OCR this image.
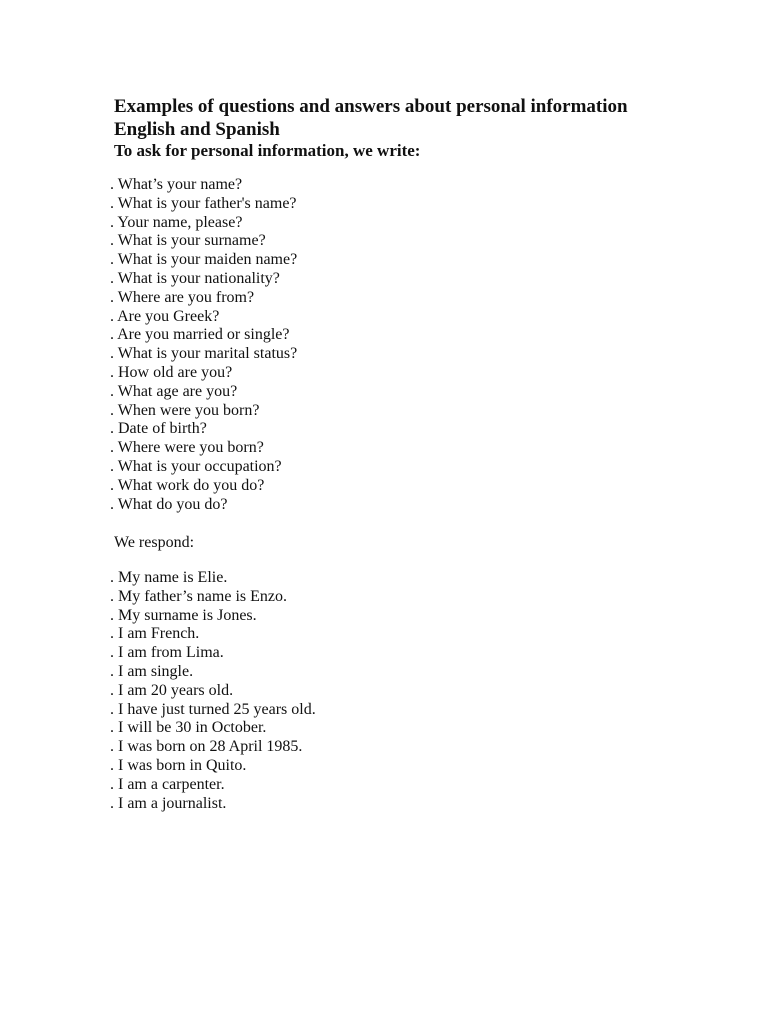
Examples of questions and answers about personal information
English and Spanish
To ask for personal information, we write:
. What’s your name?
. What is your father's name?
. Your name, please?
. What is your surname?
. What is your maiden name?
. What is your nationality?
. Where are you from?
. Are you Greek?
. Are you married or single?
. What is your marital status?
. How old are you?
. What age are you?
. When were you born?
. Date of birth?
. Where were you born?
. What is your occupation?
. What work do you do?
. What do you do?
We respond:
. My name is Elie.
. My father’s name is Enzo.
. My surname is Jones.
. I am French.
. I am from Lima.
. I am single.
. I am 20 years old.
. I have just turned 25 years old.
. I will be 30 in October.
. I was born on 28 April 1985.
. I was born in Quito.
. I am a carpenter.
. I am a journalist.
